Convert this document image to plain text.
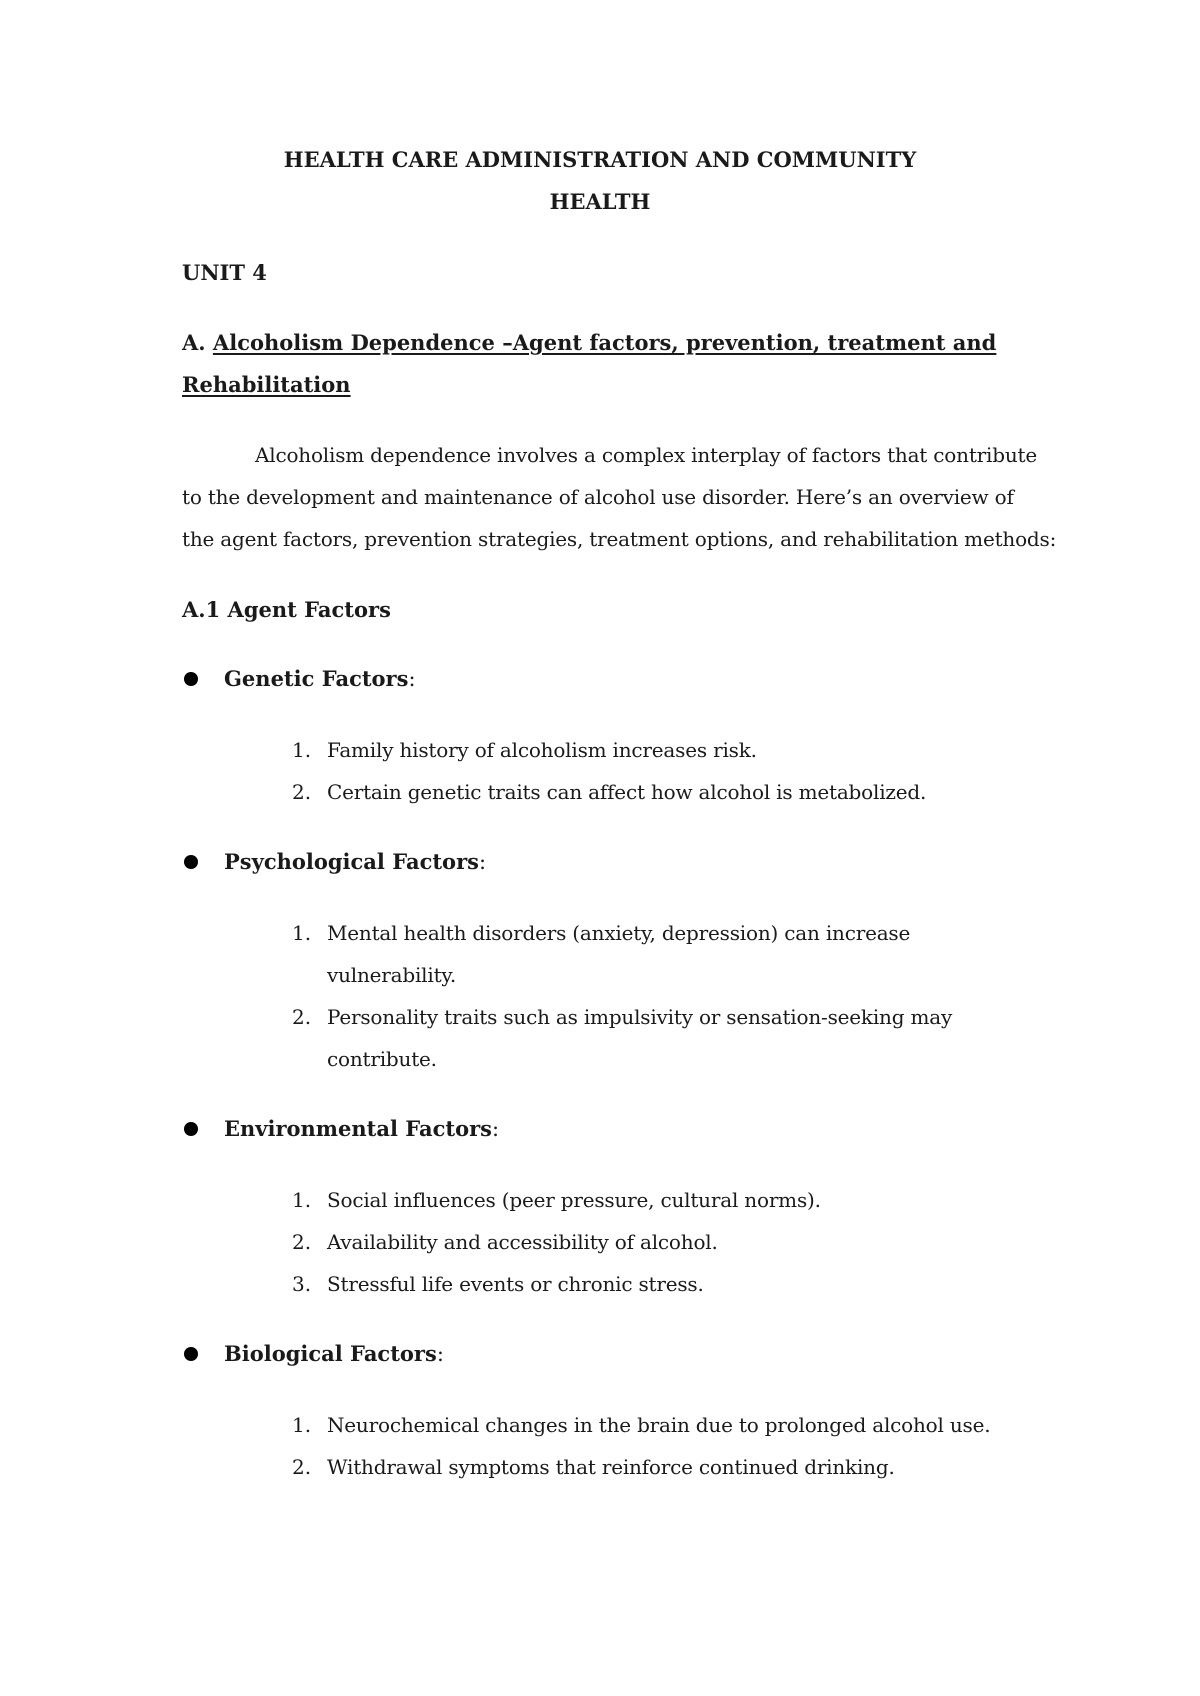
HEALTH CARE ADMINISTRATION AND COMMUNITY
HEALTH
UNIT 4
A. Alcoholism Dependence –Agent factors, prevention, treatment and
Rehabilitation
Alcoholism dependence involves a complex interplay of factors that contribute
to the development and maintenance of alcohol use disorder. Here’s an overview of
the agent factors, prevention strategies, treatment options, and rehabilitation methods:
A.1 Agent Factors
Genetic Factors:
1. Family history of alcoholism increases risk.
2. Certain genetic traits can affect how alcohol is metabolized.
Psychological Factors:
1. Mental health disorders (anxiety, depression) can increase
vulnerability.
2. Personality traits such as impulsivity or sensation-seeking may
contribute.
Environmental Factors:
1. Social influences (peer pressure, cultural norms).
2. Availability and accessibility of alcohol.
3. Stressful life events or chronic stress.
Biological Factors:
1. Neurochemical changes in the brain due to prolonged alcohol use.
2. Withdrawal symptoms that reinforce continued drinking.
